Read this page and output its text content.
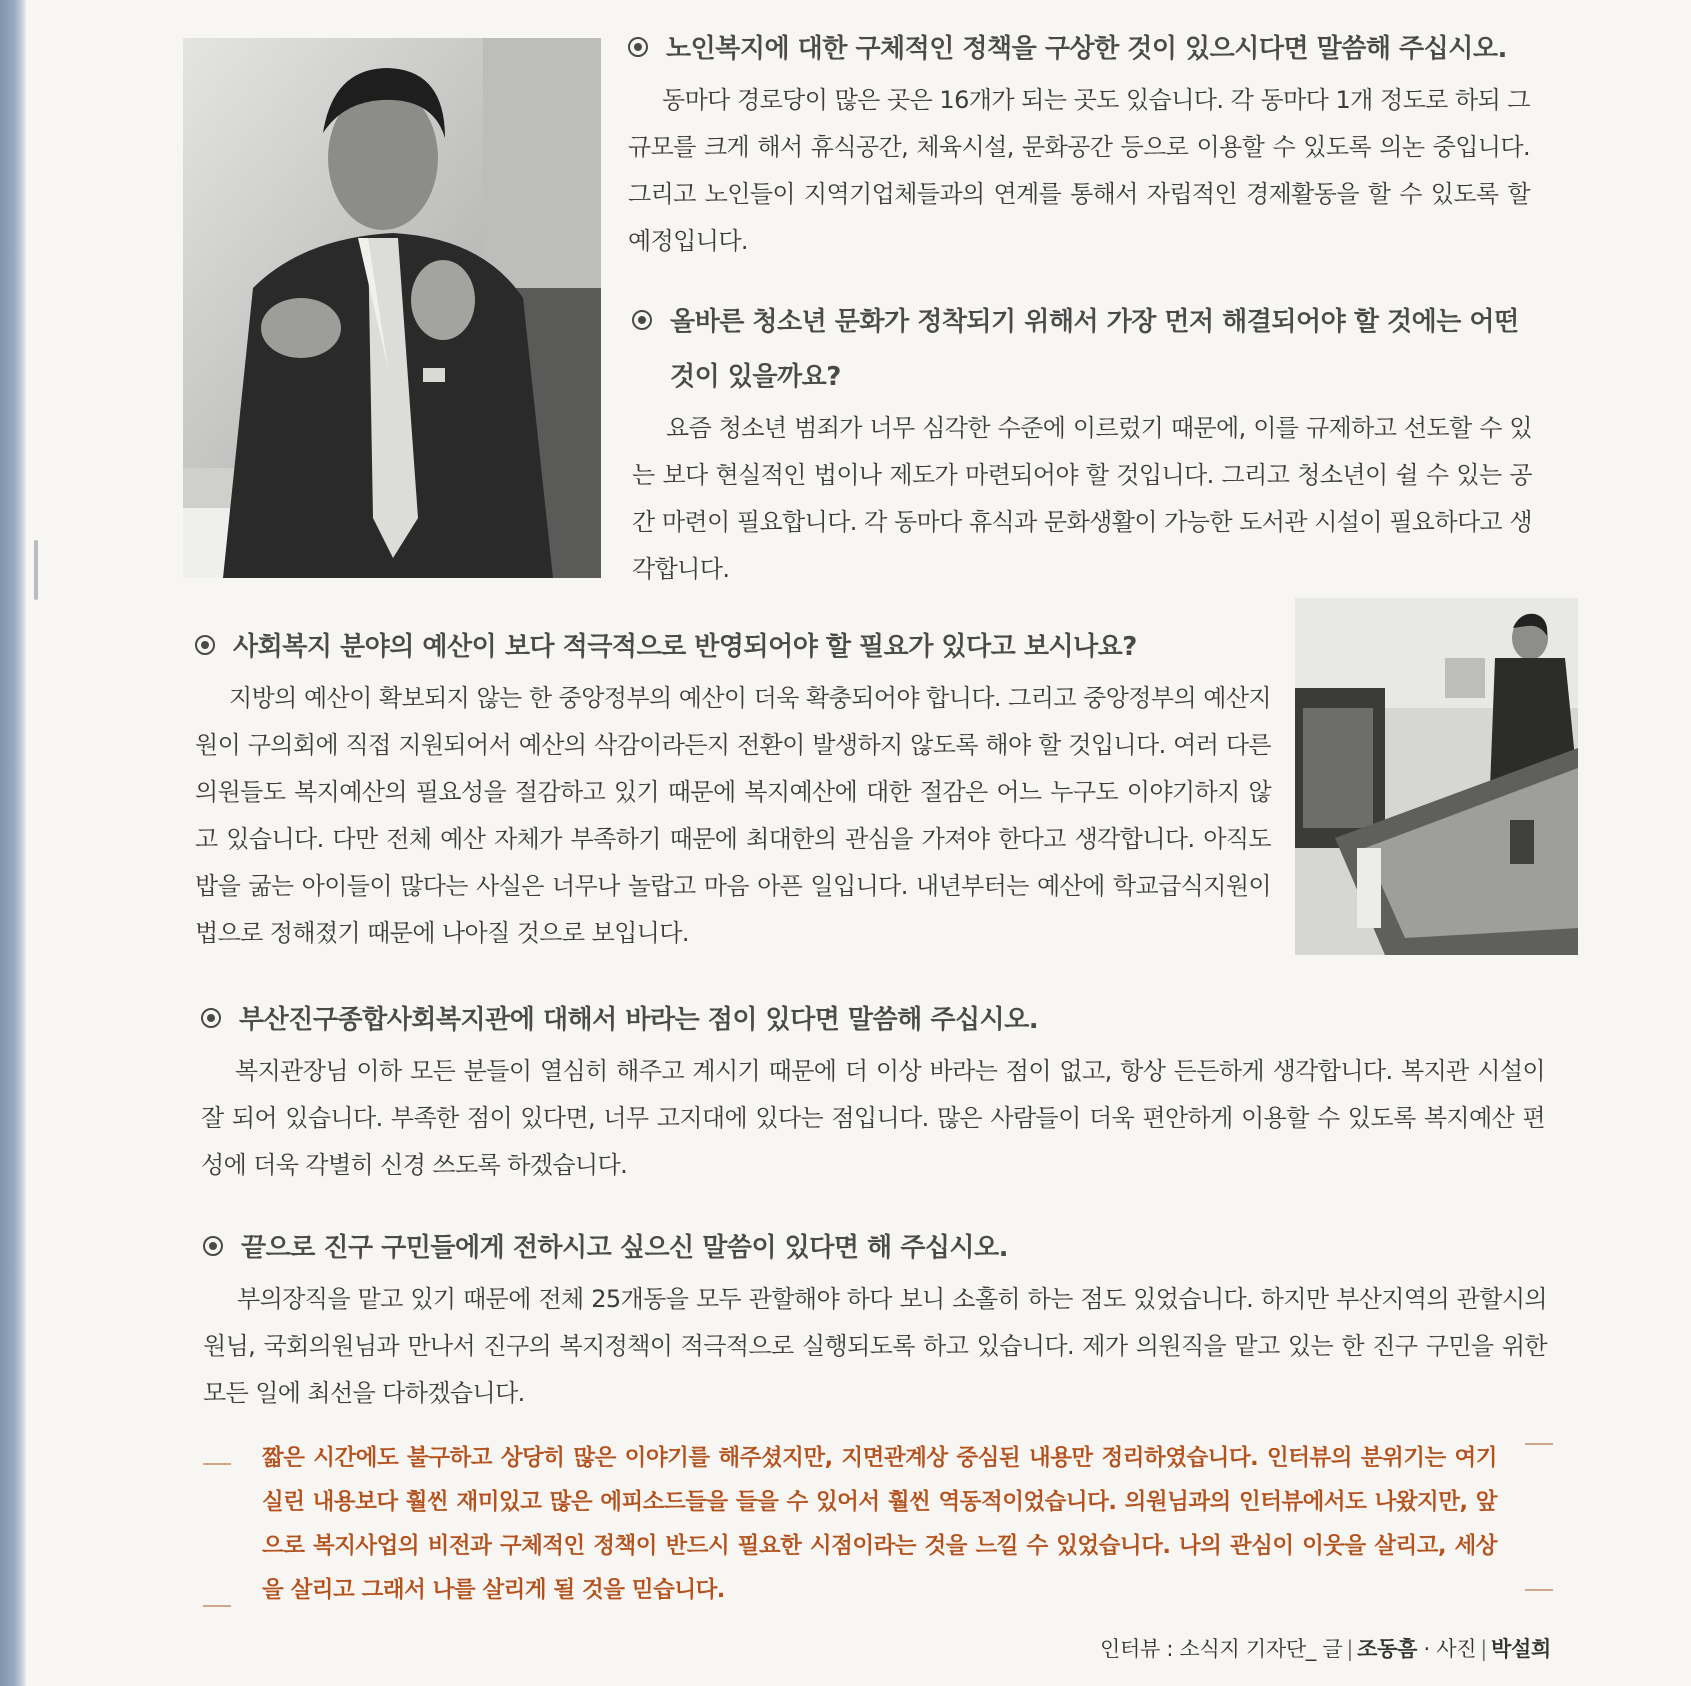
노인복지에 대한 구체적인 정책을 구상한 것이 있으시다면 말씀해 주십시오.

동마다 경로당이 많은 곳은 16개가 되는 곳도 있습니다. 각 동마다 1개 정도로 하되 그 규모를 크게 해서 휴식공간, 체육시설, 문화공간 등으로 이용할 수 있도록 의논 중입니다. 그리고 노인들이 지역기업체들과의 연계를 통해서 자립적인 경제활동을 할 수 있도록 할 예정입니다.

올바른 청소년 문화가 정착되기 위해서 가장 먼저 해결되어야 할 것에는 어떤 것이 있을까요?

요즘 청소년 범죄가 너무 심각한 수준에 이르렀기 때문에, 이를 규제하고 선도할 수 있는 보다 현실적인 법이나 제도가 마련되어야 할 것입니다. 그리고 청소년이 쉴 수 있는 공간 마련이 필요합니다. 각 동마다 휴식과 문화생활이 가능한 도서관 시설이 필요하다고 생각합니다.

사회복지 분야의 예산이 보다 적극적으로 반영되어야 할 필요가 있다고 보시나요?

지방의 예산이 확보되지 않는 한 중앙정부의 예산이 더욱 확충되어야 합니다. 그리고 중앙정부의 예산지원이 구의회에 직접 지원되어서 예산의 삭감이라든지 전환이 발생하지 않도록 해야 할 것입니다. 여러 다른 의원들도 복지예산의 필요성을 절감하고 있기 때문에 복지예산에 대한 절감은 어느 누구도 이야기하지 않고 있습니다. 다만 전체 예산 자체가 부족하기 때문에 최대한의 관심을 가져야 한다고 생각합니다. 아직도 밥을 굶는 아이들이 많다는 사실은 너무나 놀랍고 마음 아픈 일입니다. 내년부터는 예산에 학교급식지원이 법으로 정해졌기 때문에 나아질 것으로 보입니다.

부산진구종합사회복지관에 대해서 바라는 점이 있다면 말씀해 주십시오.

복지관장님 이하 모든 분들이 열심히 해주고 계시기 때문에 더 이상 바라는 점이 없고, 항상 든든하게 생각합니다. 복지관 시설이 잘 되어 있습니다. 부족한 점이 있다면, 너무 고지대에 있다는 점입니다. 많은 사람들이 더욱 편안하게 이용할 수 있도록 복지예산 편성에 더욱 각별히 신경 쓰도록 하겠습니다.

끝으로 진구 구민들에게 전하시고 싶으신 말씀이 있다면 해 주십시오.

부의장직을 맡고 있기 때문에 전체 25개동을 모두 관할해야 하다 보니 소홀히 하는 점도 있었습니다. 하지만 부산지역의 관할시의원님, 국회의원님과 만나서 진구의 복지정책이 적극적으로 실행되도록 하고 있습니다. 제가 의원직을 맡고 있는 한 진구 구민을 위한 모든 일에 최선을 다하겠습니다.

짧은 시간에도 불구하고 상당히 많은 이야기를 해주셨지만, 지면관계상 중심된 내용만 정리하였습니다. 인터뷰의 분위기는 여기 실린 내용보다 훨씬 재미있고 많은 에피소드들을 들을 수 있어서 훨씬 역동적이었습니다. 의원님과의 인터뷰에서도 나왔지만, 앞으로 복지사업의 비전과 구체적인 정책이 반드시 필요한 시점이라는 것을 느낄 수 있었습니다. 나의 관심이 이웃을 살리고, 세상을 살리고 그래서 나를 살리게 될 것을 믿습니다.
인터뷰 : 소식지 기자단_ 글 | 조동흠 · 사진 | 박설희
